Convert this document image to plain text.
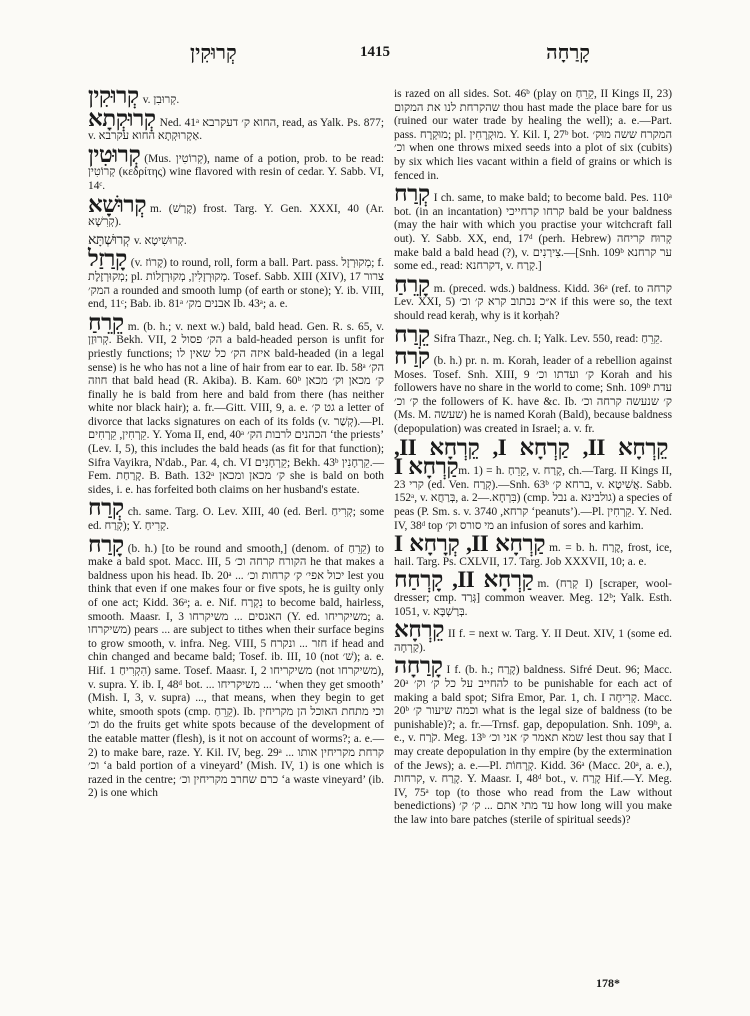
קְרוּקִין	1415	קָרַחָה

קְרוּקִין v. קְרוּבִן.

קְרוּקְתָא Ned. 41ᵃ החוא ק׳ דעקרבא, read, as Yalk. Ps. 877; v. אַקְרוּקְתָא החוא עקרבא.

קְרוּטִין (Mus. קְרוֹטִין), name of a potion, prob. to be read: קְרוֹטִין (κεδρίτης) wine flavored with resin of cedar. Y. Sabb. VI, 14ᶜ.

קְרוּשָׁא m. (קֶרַשׁ) frost. Targ. Y. Gen. XXXI, 40 (Ar. קְרִשָׁא).

קְרוּשְׁתָּא v. קְרוּשִׁיטָא.

קָרַזַל (v. קָרוֹז) to round, roll, form a ball. Part. pass. מְקוּרְזָל; f. מְקוּרְזֶלֶת; pl. מְקוּרְזָלִין, מְקוּרְזָלוֹת. Tosef. Sabb. XIII (XIV), 17 צרור המק׳ a rounded and smooth lump (of earth or stone); Y. ib. VIII, end, 11ᶜ; Bab. ib. 81ᵃ אבנים מק׳ Ib. 43ᵃ; a. e.

קֵרֵחַ m. (b. h.; v. next w.) bald, bald head. Gen. R. s. 65, v. קְרוּזַן. Bekh. VII, 2 הק׳ פסול a bald-headed person is unfit for priestly functions; איזה הק׳ כל שאין לו bald-headed (in a legal sense) is he who has not a line of hair from ear to ear. Ib. 58ᵃ הק׳ חוזה that bald head (R. Akiba). B. Kam. 60ᵇ ק׳ מכאן וק׳ מכאן finally he is bald from here and bald from there (has neither white nor black hair); a. fr.—Gitt. VIII, 9, a. e. גט ק׳ a letter of divorce that lacks signatures on each of its folds (v. קְשַׁר).—Pl. קֵרְחִין, קֵרְחִים. Y. Yoma II, end, 40ᵃ הכהנים לרבות הק׳ ‘the priests’ (Lev. I, 5), this includes the bald heads (as fit for that function); Sifra Vayikra, N'dab., Par. 4, ch. VI קֵרְחָנִים; Bekh. 43ᵇ קֵרְחָנִין.—Fem. קָרַחַת. B. Bath. 132ᵃ ק׳ מכאן ומכאן she is bald on both sides, i. e. has forfeited both claims on her husband's estate.

קְרַח ch. same. Targ. O. Lev. XIII, 40 (ed. Berl. קְרִיחַ; some ed. קְרַח); Y. קְרִיחַ.

קָרַח (b. h.) [to be round and smooth,] (denom. of קֵרֵחַ) to make a bald spot. Macc. III, 5 הקורח קרחה וכ׳ he that makes a baldness upon his head. Ib. 20ᵃ ... יכול אפי׳ ק׳ קרחות וכ׳ lest you think that even if one makes four or five spots, he is guilty only of one act; Kidd. 36ᵃ; a. e. Nif. נִקְרַח to become bald, hairless, smooth. Maasr. I, 3 האגסים ... משיקרחו (Y. ed. משיקריחו; a. משיקרחו) pears ... are subject to tithes when their surface begins to grow smooth, v. infra. Neg. VIII, 5 חזר ... ונקרח if head and chin changed and became bald; Tosef. ib. III, 10 (not שׁ׳); a. e. Hif. הִקְרִיחַ 1) same. Tosef. Maasr. I, 2 משיקריחו (not משיקרחו), v. supra. Y. ib. I, 48ᵈ bot. ... משיקריחו ... ‘when they get smooth’ (Mish. I, 3, v. supra) ..., that means, when they begin to get white, smooth spots (cmp. קֵרֵחַ). Ib. וכי מתחת האוכל הן מקריחין וכ׳ do the fruits get white spots because of the development of the eatable matter (flesh), is it not on account of worms?; a. e.—2) to make bare, raze. Y. Kil. IV, beg. 29ᵃ ... קרחת מקריחין אותו וכ׳ ‘a bald portion of a vineyard’ (Mish. IV, 1) is one which is razed in the centre; כרם שחרב מקריחין וכ׳ ‘a waste vineyard’ (ib. 2) is one which

is razed on all sides. Sot. 46ᵇ (play on קֵרֵחַ, II Kings II, 23) שהקרחת לנו את המקום thou hast made the place bare for us (ruined our water trade by healing the well); a. e.—Part. pass. מוּקְרָח; pl. מוּקְרָחִין. Y. Kil. I, 27ᵇ bot. המקרח ששה מוּק׳ וכ׳ when one throws mixed seeds into a plot of six (cubits) by six which lies vacant within a field of grains or which is fenced in.

קְרַח I ch. same, to make bald; to become bald. Pes. 110ᵃ bot. (in an incantation) קרחו קרחייכי bald be your baldness (may the hair with which you practise your witchcraft fall out). Y. Sabb. XX, end, 17ᵈ (perh. Hebrew) קְרוּח קריחה make bald a bald head (?), v. צִירַנִים.—[Snh. 109ᵇ ער קרחנא some ed., read: דקרחנא, v. קְרַח.]

קָרֵחַ m. (preced. wds.) baldness. Kidd. 36ᵃ (ref. to קרחה Lev. XXI, 5) א״כ נכתוב קרא ק׳ וכ׳ if this were so, the text should read keraḥ, why is it korḥah?

קֵרַח Sifra Thazr., Neg. ch. I; Yalk. Lev. 550, read: קֵרֵחַ.

קֹרַח (b. h.) pr. n. m. Korah, leader of a rebellion against Moses. Tosef. Snh. XIII, 9 ק׳ ועדתו וכ׳ Korah and his followers have no share in the world to come; Snh. 109ᵇ עדת ק׳ וכ׳ the followers of K. have &c. Ib. ק׳ שנעשה קרחה וכ׳ (Ms. M. שעשה) he is named Korah (Bald), because baldness (depopulation) was created in Israel; a. v. fr.

קֵרְחָא II, קַרְחָא I, קֵרְחָא II, קַרְחָא Im. 1) = h. קֵרֵחַ, v. קְרַח, ch.—Targ. II Kings II, 23 קרי (ed. Ven. קְרַח).—Snh. 63ᵇ ברחא ק׳, v. אֲשִׁיטָא. Sabb. 152ᵃ, v. בְּרַחֲא, a. בִּרְחָא.—2) (cmp. נבל a. גולבינא) a species of peas (P. Sm. s. v. קרחא, 3740 ‘peanuts’).—Pl. קֵרְחִין. Y. Ned. IV, 38ᵈ top מי סורס וק׳ an infusion of sores and karhim.

קַרְחָא II, קְרָחָא I m. = b. h. קֶרַח, frost, ice, hail. Targ. Ps. CXLVII, 17. Targ. Job XXXVII, 10; a. e.

קַרְחָא II, קָרְחַח m. (קְרַח I) [scraper, wool-dresser; cmp. גְּרַד] common weaver. Meg. 12ᵇ; Yalk. Esth. 1051, v. בְּרַשְׁבָּא.

קֵרְחָא II f. = next w. Targ. Y. II Deut. XIV, 1 (some ed. קַרְחָה).

קָרַחָה I f. (b. h.; קָרַח) baldness. Sifré Deut. 96; Macc. 20ᵃ להחייב על כל ק׳ וק׳ to be punishable for each act of making a bald spot; Sifra Emor, Par. 1, ch. I קְרִיחָה. Macc. 20ᵇ וכמה שיעור ק׳ what is the legal size of baldness (to be punishable)?; a. fr.—Trnsf. gap, depopulation. Snh. 109ᵇ, a. e., v. קֹרַח. Meg. 13ᵇ שמא תאמר ק׳ אני וכ׳ lest thou say that I may create depopulation in thy empire (by the extermination of the Jews); a. e.—Pl. קְרָחוֹת. Kidd. 36ᵃ (Macc. 20ᵃ, a. e.), קרחות, v. קָרַח. Y. Maasr. I, 48ᵈ bot., v. קָרַח Hif.—Y. Meg. IV, 75ᵃ top (to those who read from the Law without benedictions) עד מתי אתם ... ק׳ ק׳ how long will you make the law into bare patches (sterile of spiritual seeds)?

178*
